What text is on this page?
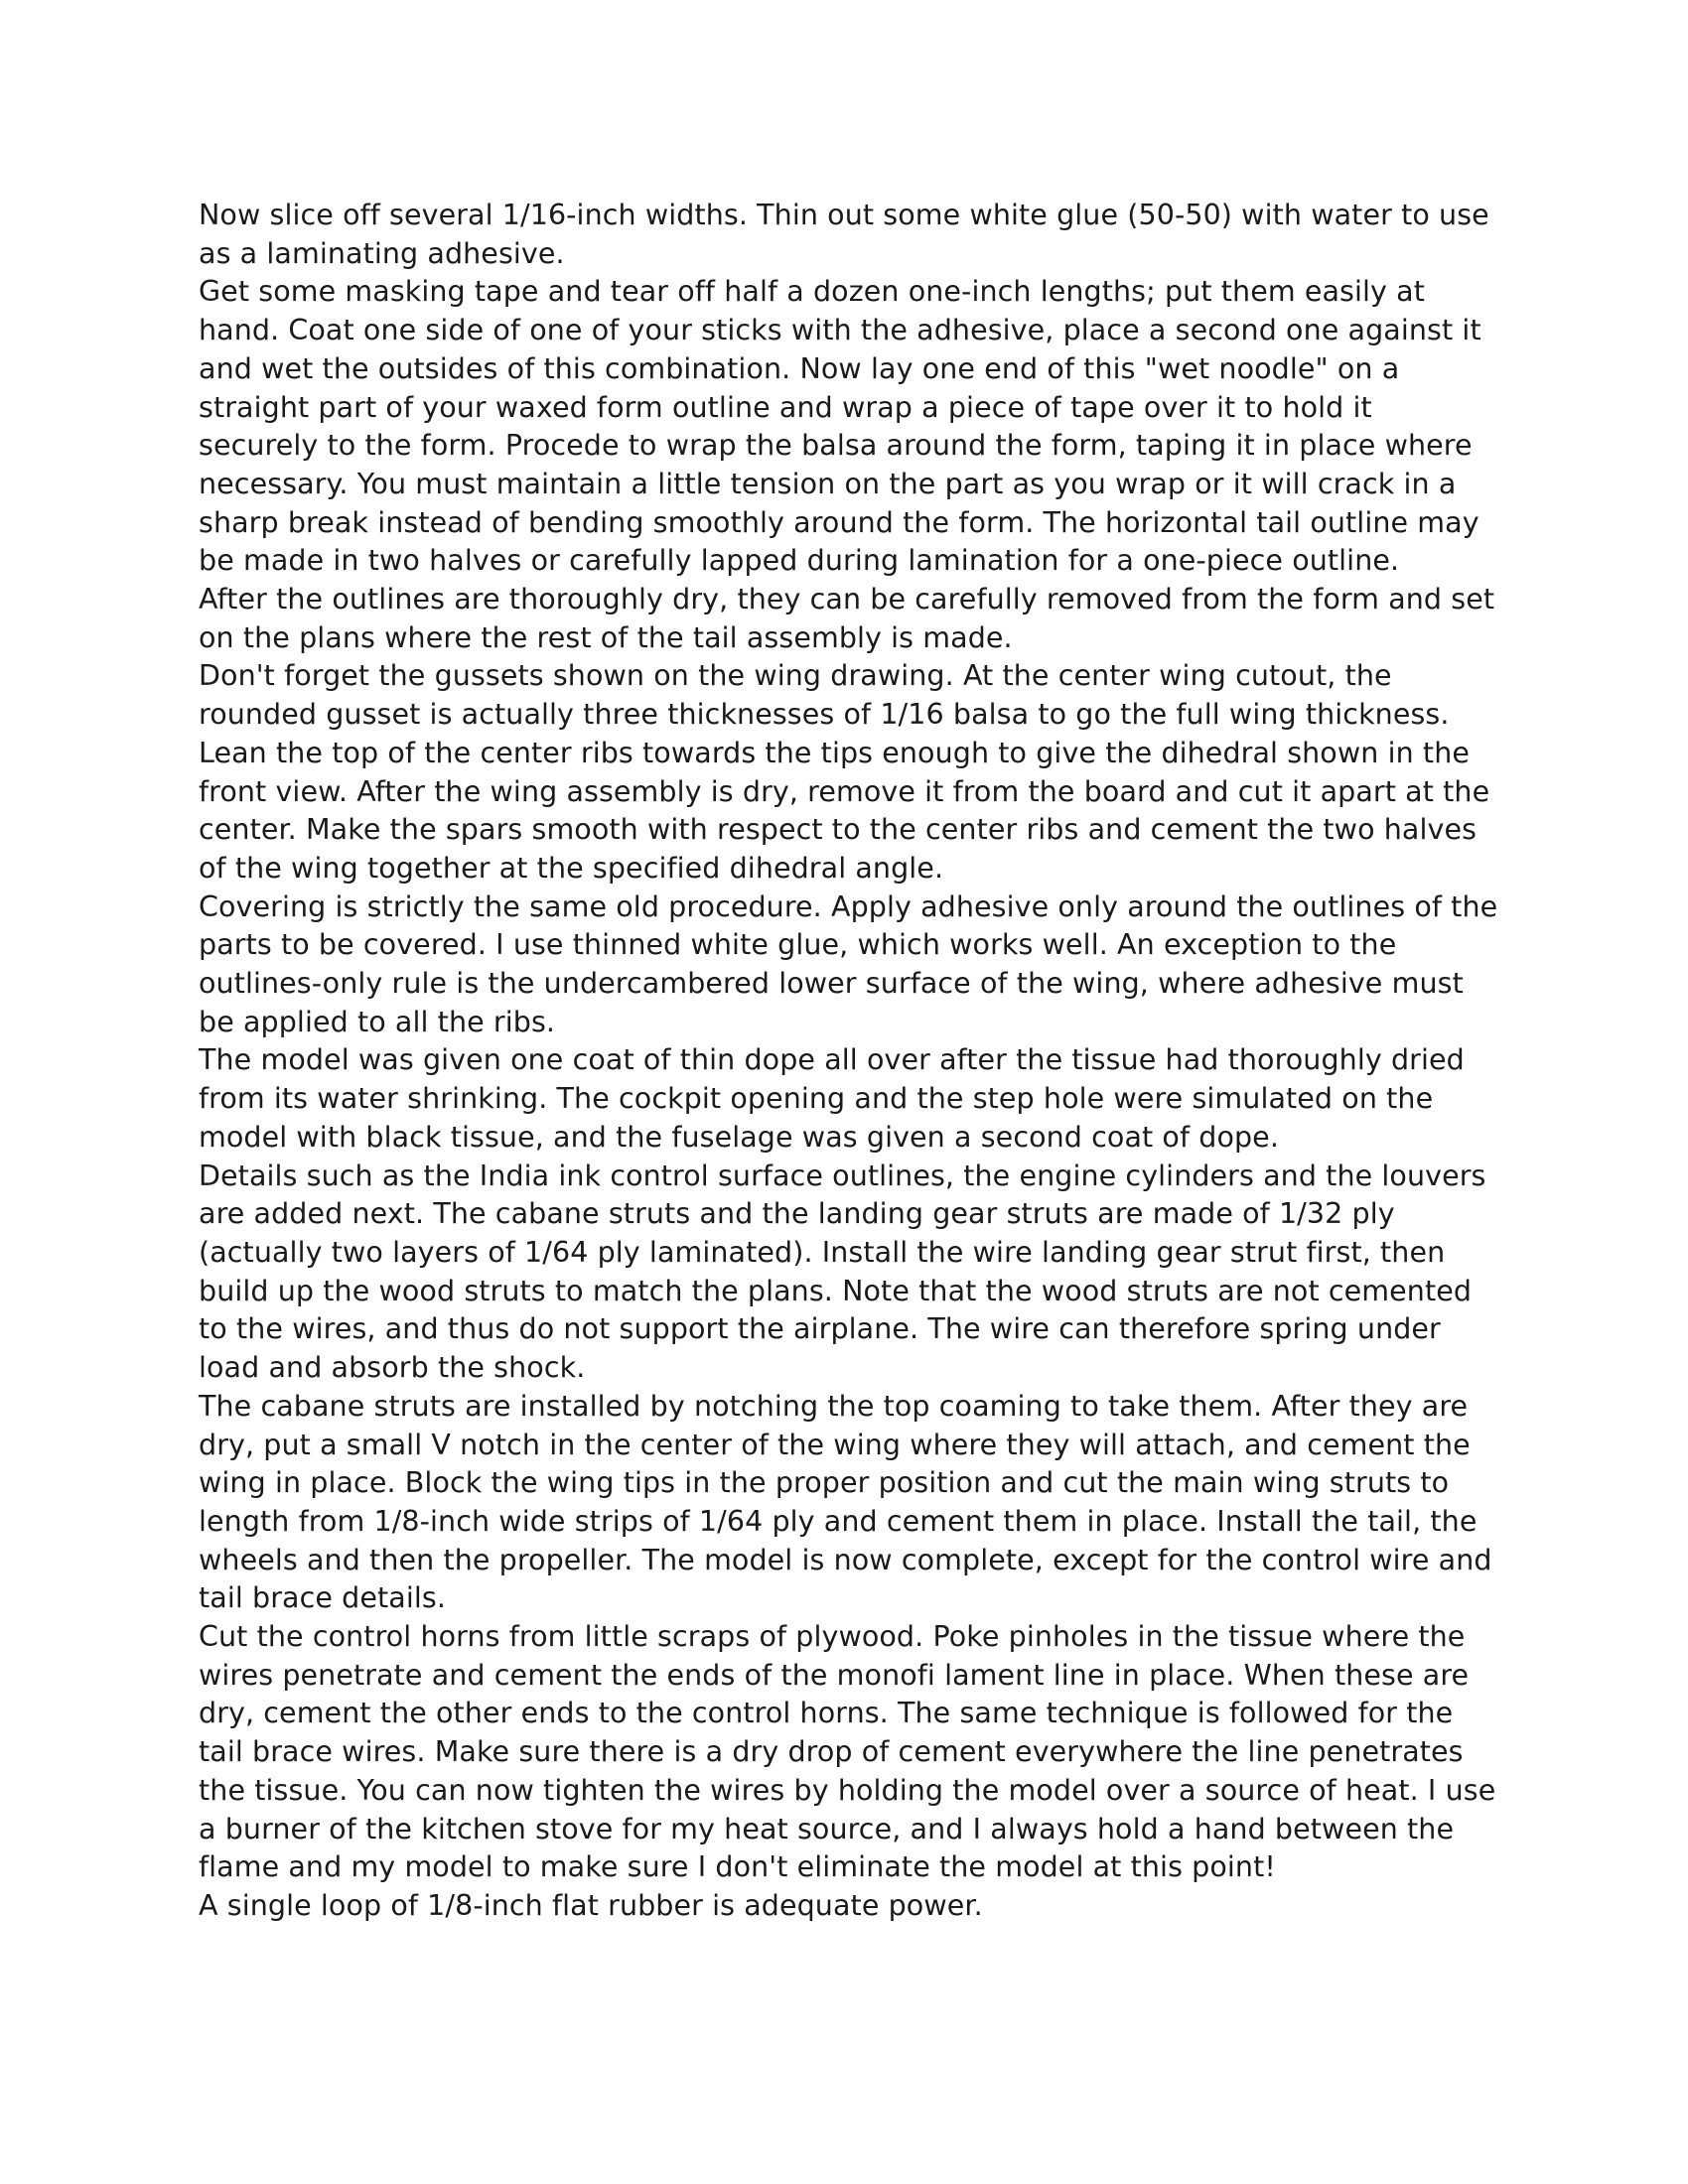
Now slice off several 1/16-inch widths. Thin out some white glue (50-50) with water to use as a laminating adhesive.

Get some masking tape and tear off half a dozen one-inch lengths; put them easily at hand. Coat one side of one of your sticks with the adhesive, place a second one against it and wet the outsides of this combination. Now lay one end of this "wet noodle" on a straight part of your waxed form outline and wrap a piece of tape over it to hold it securely to the form. Procede to wrap the balsa around the form, taping it in place where necessary. You must maintain a little tension on the part as you wrap or it will crack in a sharp break instead of bending smoothly around the form. The horizontal tail outline may be made in two halves or carefully lapped during lamination for a one-piece outline.

After the outlines are thoroughly dry, they can be carefully removed from the form and set on the plans where the rest of the tail assembly is made.

Don't forget the gussets shown on the wing drawing. At the center wing cutout, the rounded gusset is actually three thicknesses of 1/16 balsa to go the full wing thickness. Lean the top of the center ribs towards the tips enough to give the dihedral shown in the front view. After the wing assembly is dry, remove it from the board and cut it apart at the center. Make the spars smooth with respect to the center ribs and cement the two halves of the wing together at the specified dihedral angle.

Covering is strictly the same old procedure. Apply adhesive only around the outlines of the parts to be covered. I use thinned white glue, which works well. An exception to the outlines-only rule is the undercambered lower surface of the wing, where adhesive must be applied to all the ribs.

The model was given one coat of thin dope all over after the tissue had thoroughly dried from its water shrinking. The cockpit opening and the step hole were simulated on the model with black tissue, and the fuselage was given a second coat of dope.

Details such as the India ink control surface outlines, the engine cylinders and the louvers are added next. The cabane struts and the landing gear struts are made of 1/32 ply (actually two layers of 1/64 ply laminated). Install the wire landing gear strut first, then build up the wood struts to match the plans. Note that the wood struts are not cemented to the wires, and thus do not support the airplane. The wire can therefore spring under load and absorb the shock.

The cabane struts are installed by notching the top coaming to take them. After they are dry, put a small V notch in the center of the wing where they will attach, and cement the wing in place. Block the wing tips in the proper position and cut the main wing struts to length from 1/8-inch wide strips of 1/64 ply and cement them in place. Install the tail, the wheels and then the propeller. The model is now complete, except for the control wire and tail brace details.

Cut the control horns from little scraps of plywood. Poke pinholes in the tissue where the wires penetrate and cement the ends of the monofi lament line in place. When these are dry, cement the other ends to the control horns. The same technique is followed for the tail brace wires. Make sure there is a dry drop of cement everywhere the line penetrates the tissue. You can now tighten the wires by holding the model over a source of heat. I use a burner of the kitchen stove for my heat source, and I always hold a hand between the flame and my model to make sure I don't eliminate the model at this point!

A single loop of 1/8-inch flat rubber is adequate power.
